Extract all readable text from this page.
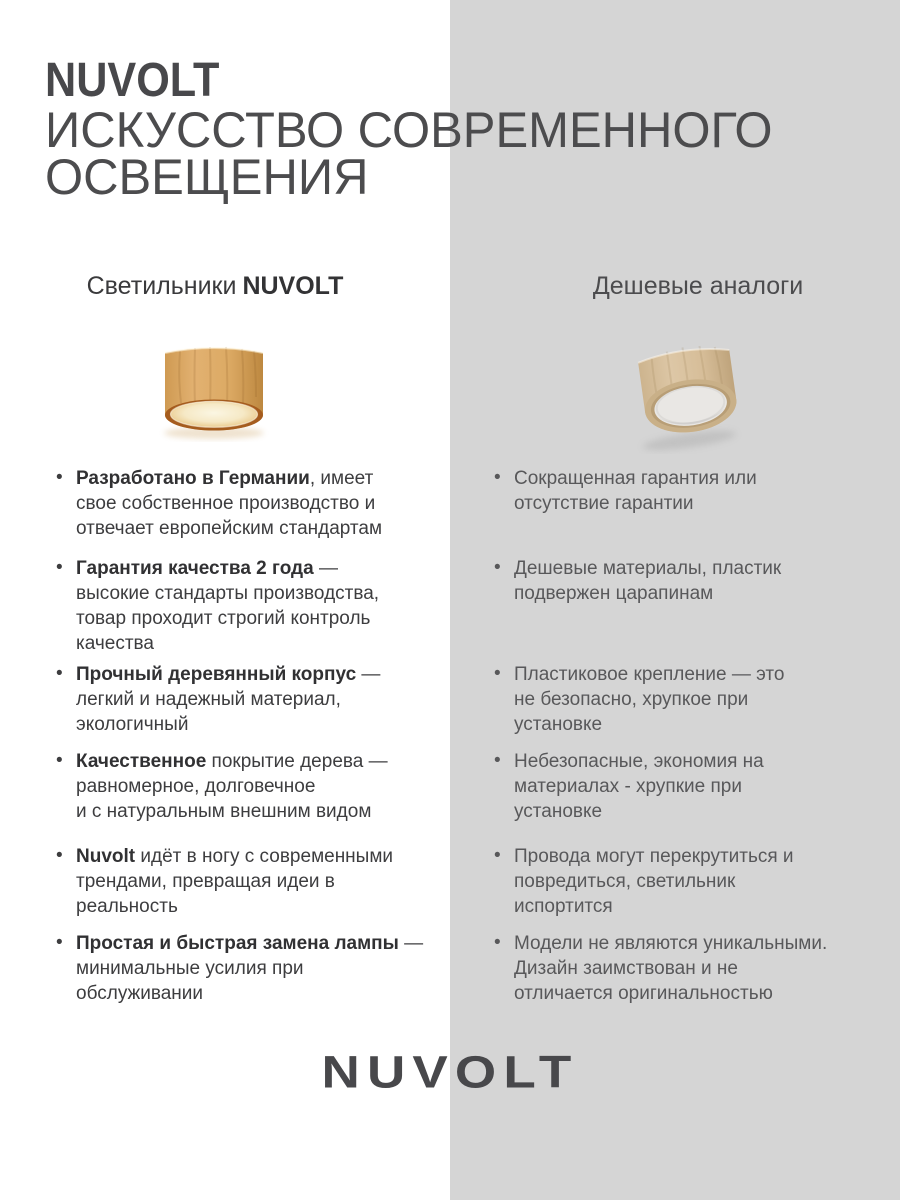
NUVOLT
ИСКУССТВО СОВРЕМЕННОГО
ОСВЕЩЕНИЯ
Светильники NUVOLT	Дешевые аналоги
• Разработано в Германии, имеет
свое собственное производство и
отвечает европейским стандартам
• Гарантия качества 2 года —
высокие стандарты производства,
товар проходит строгий контроль
качества
• Прочный деревянный корпус —
легкий и надежный материал,
экологичный
• Качественное покрытие дерева —
равномерное, долговечное
и с натуральным внешним видом
• Nuvolt идёт в ногу с современными
трендами, превращая идеи в
реальность
• Простая и быстрая замена лампы —
минимальные усилия при
обслуживании
• Сокращенная гарантия или
отсутствие гарантии
• Дешевые материалы, пластик
подвержен царапинам
• Пластиковое крепление — это
не безопасно, хрупкое при
установке
• Небезопасные, экономия на
материалах - хрупкие при
установке
• Провода могут перекрутиться и
повредиться, светильник
испортится
• Модели не являются уникальными.
Дизайн заимствован и не
отличается оригинальностью
NUVOLT
